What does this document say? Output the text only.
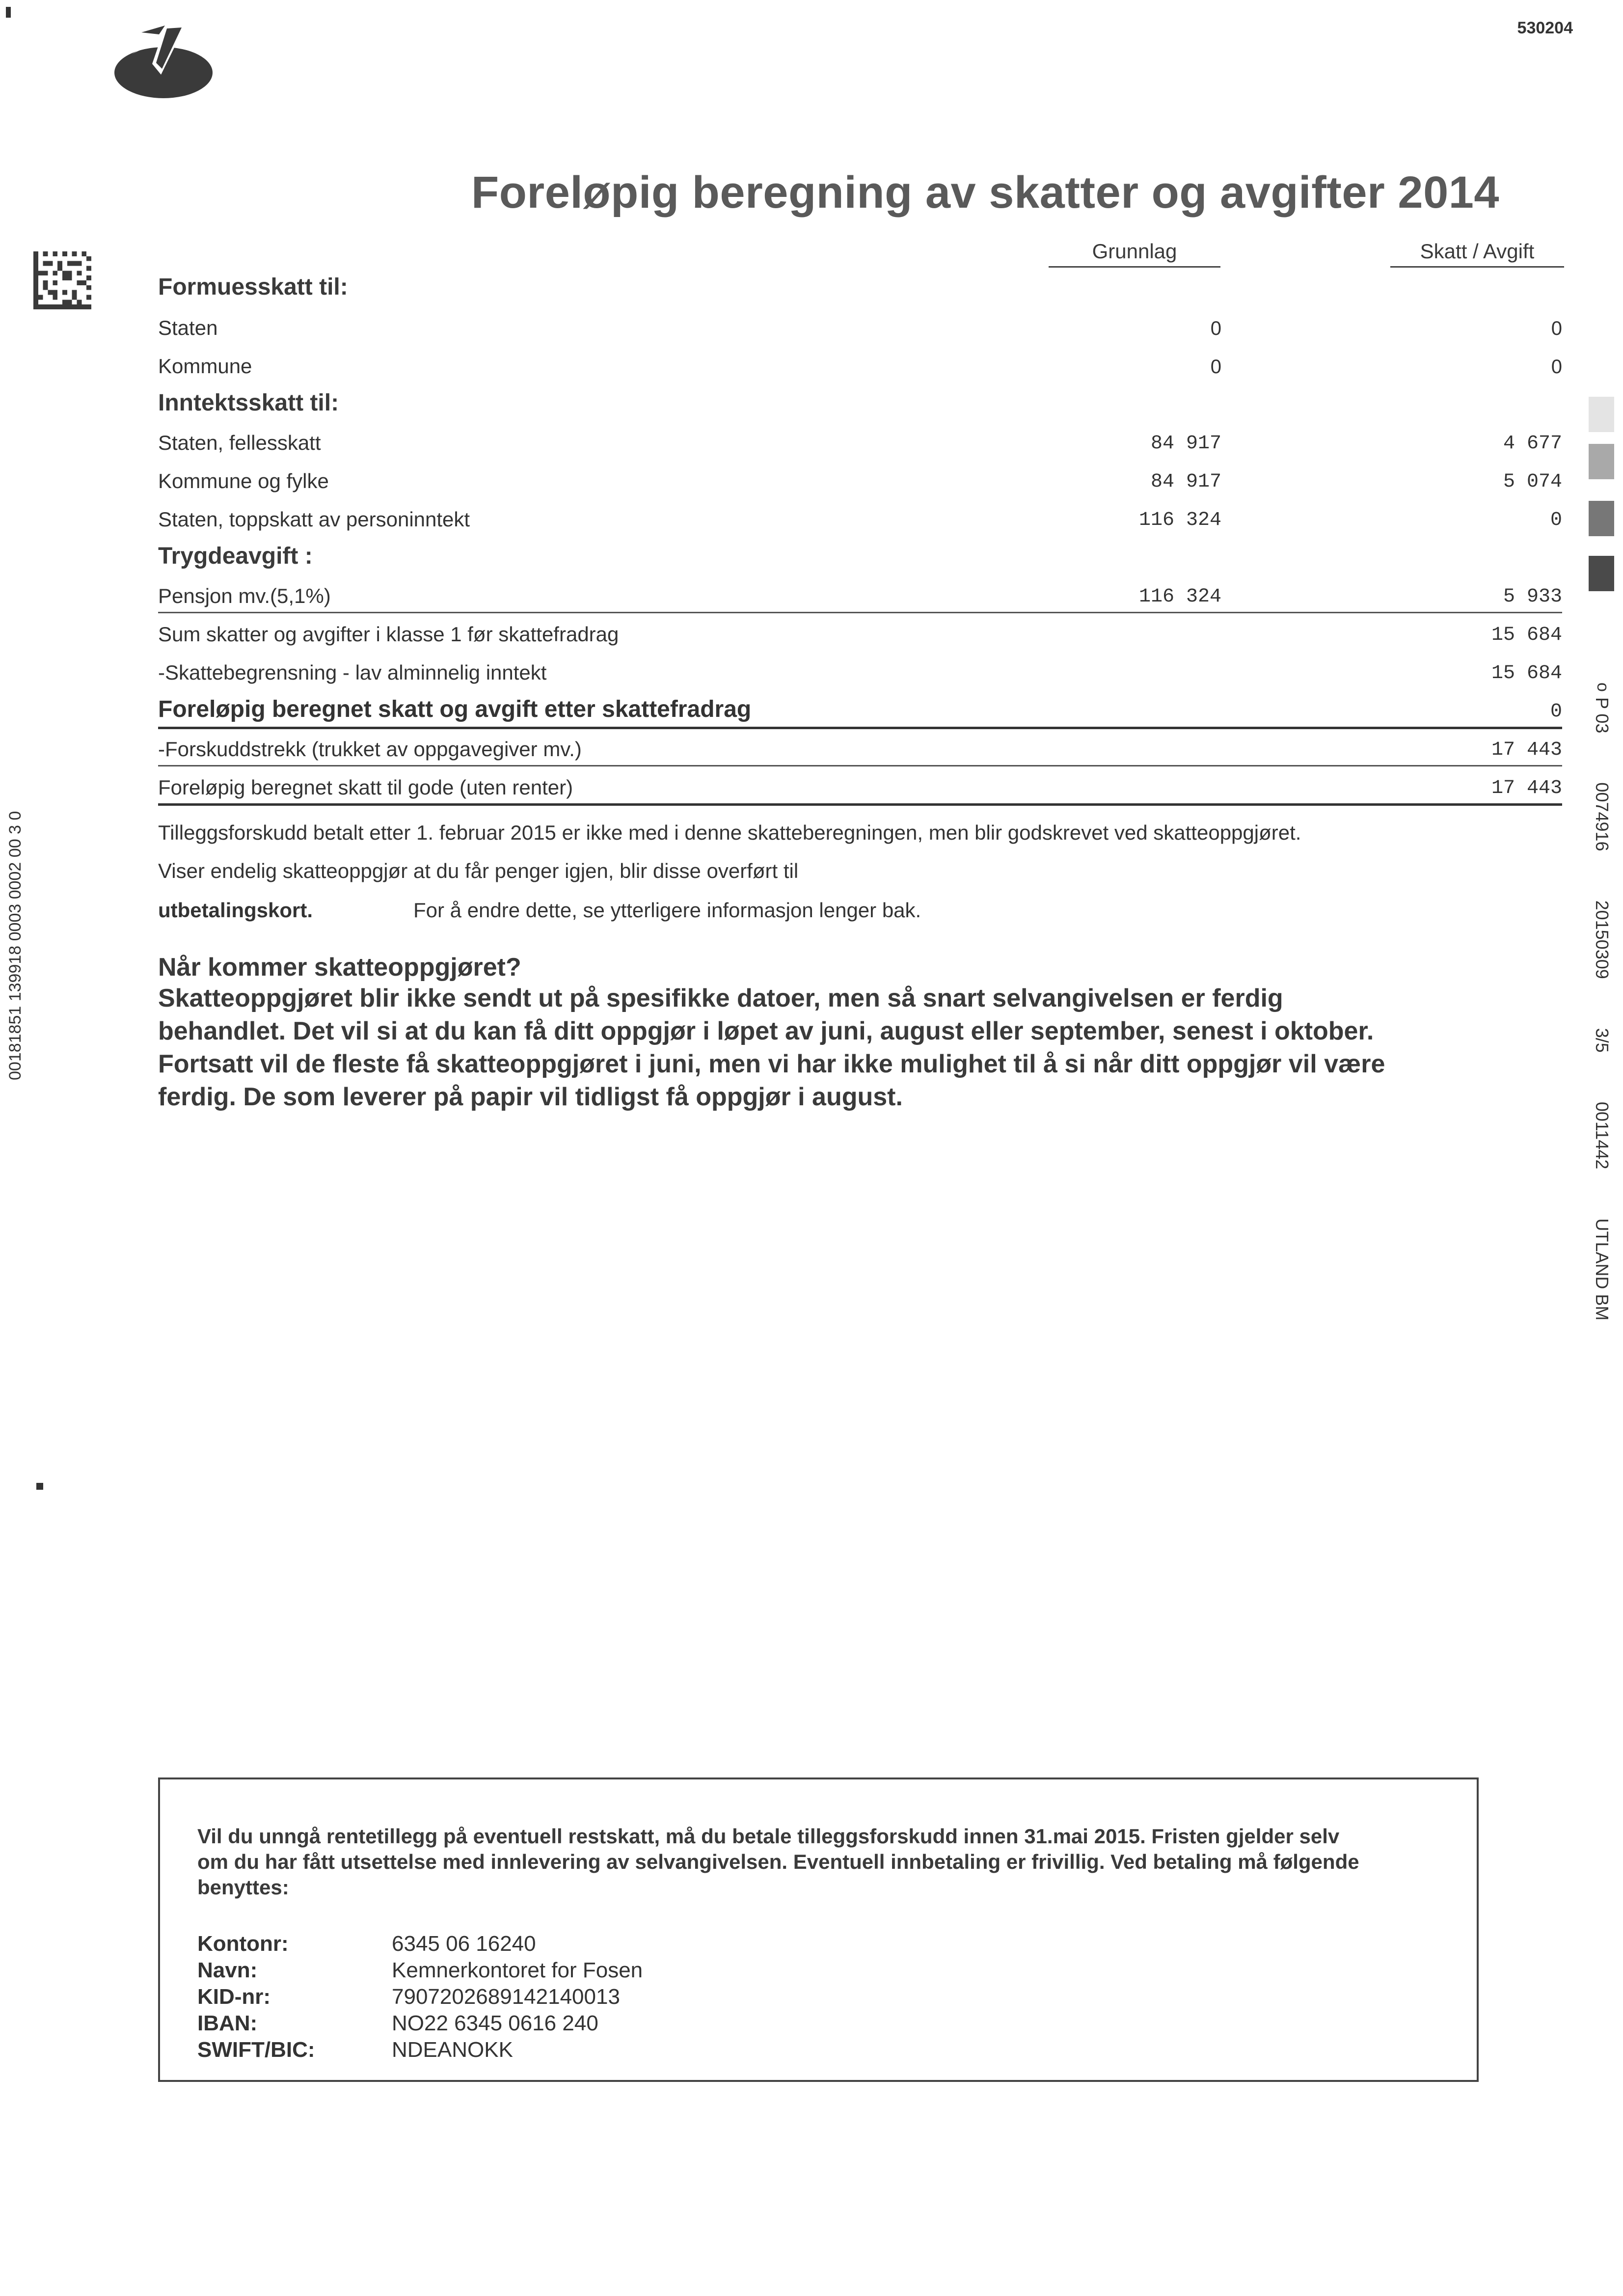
530204
Foreløpig beregning av skatter og avgifter 2014
Grunnlag	Skatt / Avgift
Formuesskatt til:
Staten	0	0
Kommune	0	0
Inntektsskatt til:
Staten, fellesskatt	84 917	4 677
Kommune og fylke	84 917	5 074
Staten, toppskatt av personinntekt	116 324	0
Trygdeavgift :
Pensjon mv.(5,1%)	116 324	5 933
Sum skatter og avgifter i klasse 1 før skattefradrag	15 684
-Skattebegrensning - lav alminnelig inntekt	15 684
Foreløpig beregnet skatt og avgift etter skattefradrag	0
-Forskuddstrekk (trukket av oppgavegiver mv.)	17 443
Foreløpig beregnet skatt til gode (uten renter)	17 443
Tilleggsforskudd betalt etter 1. februar 2015 er ikke med i denne skatteberegningen, men blir godskrevet ved skatteoppgjøret.
Viser endelig skatteoppgjør at du får penger igjen, blir disse overført til
utbetalingskort.	For å endre dette, se ytterligere informasjon lenger bak.
Når kommer skatteoppgjøret?
Skatteoppgjøret blir ikke sendt ut på spesifikke datoer, men så snart selvangivelsen er ferdig behandlet. Det vil si at du kan få ditt oppgjør i løpet av juni, august eller september, senest i oktober. Fortsatt vil de fleste få skatteoppgjøret i juni, men vi har ikke mulighet til å si når ditt oppgjør vil være ferdig. De som leverer på papir vil tidligst få oppgjør i august.
00181851 139918 0003 0002 00 3 0
o
P 03 0074916 20150309 3/5 0011442 UTLAND BM
Vil du unngå rentetillegg på eventuell restskatt, må du betale tilleggsforskudd innen 31.mai 2015. Fristen gjelder selv om du har fått utsettelse med innlevering av selvangivelsen. Eventuell innbetaling er frivillig. Ved betaling må følgende benyttes:
Kontonr:	6345 06 16240
Navn:	Kemnerkontoret for Fosen
KID-nr:	7907202689142140013
IBAN:	NO22 6345 0616 240
SWIFT/BIC:	NDEANOKK
